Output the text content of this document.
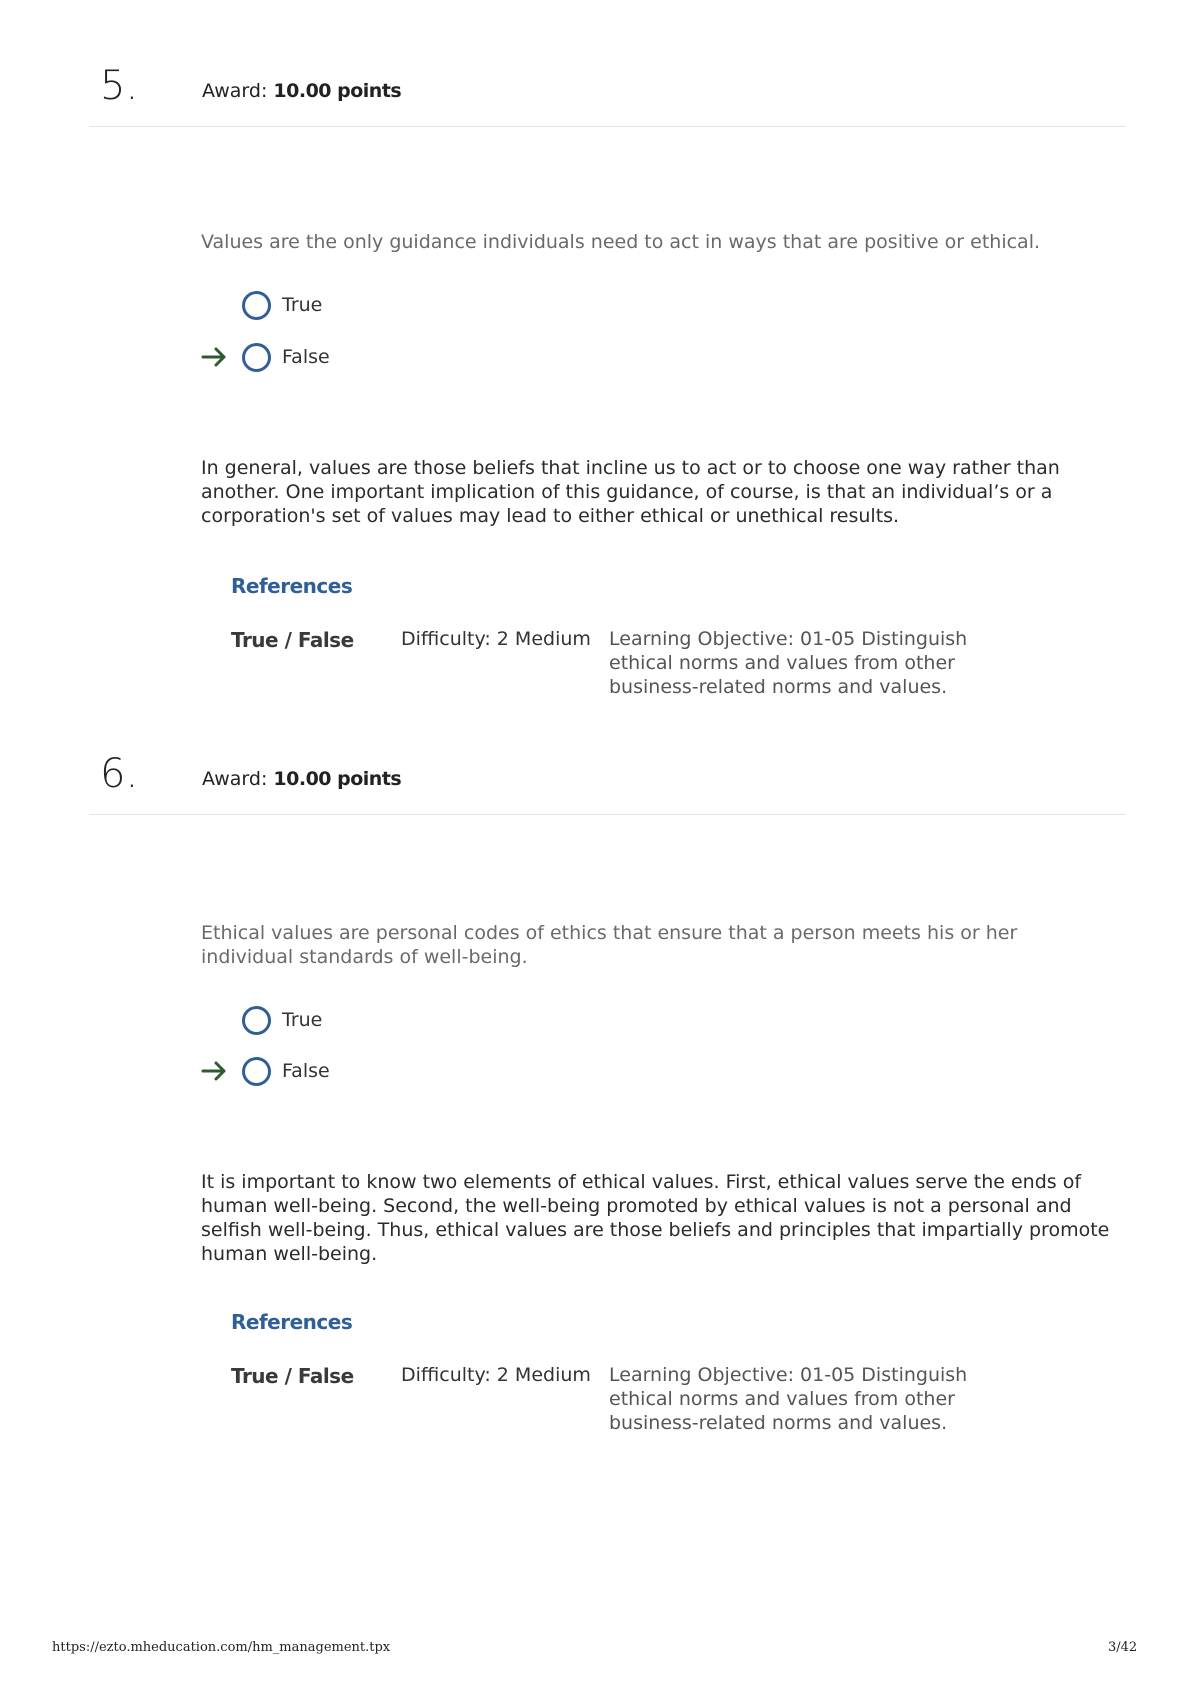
5.	Award: 10.00 points
Values are the only guidance individuals need to act in ways that are positive or ethical.
True
False
In general, values are those beliefs that incline us to act or to choose one way rather than another. One important implication of this guidance, of course, is that an individual’s or a corporation's set of values may lead to either ethical or unethical results.
References
True / False Difficulty: 2 Medium Learning Objective: 01-05 Distinguish ethical norms and values from other business-related norms and values.
6.	Award: 10.00 points
Ethical values are personal codes of ethics that ensure that a person meets his or her individual standards of well-being.
True
False
It is important to know two elements of ethical values. First, ethical values serve the ends of human well-being. Second, the well-being promoted by ethical values is not a personal and selfish well-being. Thus, ethical values are those beliefs and principles that impartially promote human well-being.
References
True / False Difficulty: 2 Medium Learning Objective: 01-05 Distinguish ethical norms and values from other business-related norms and values.
https://ezto.mheducation.com/hm_management.tpx	3/42
